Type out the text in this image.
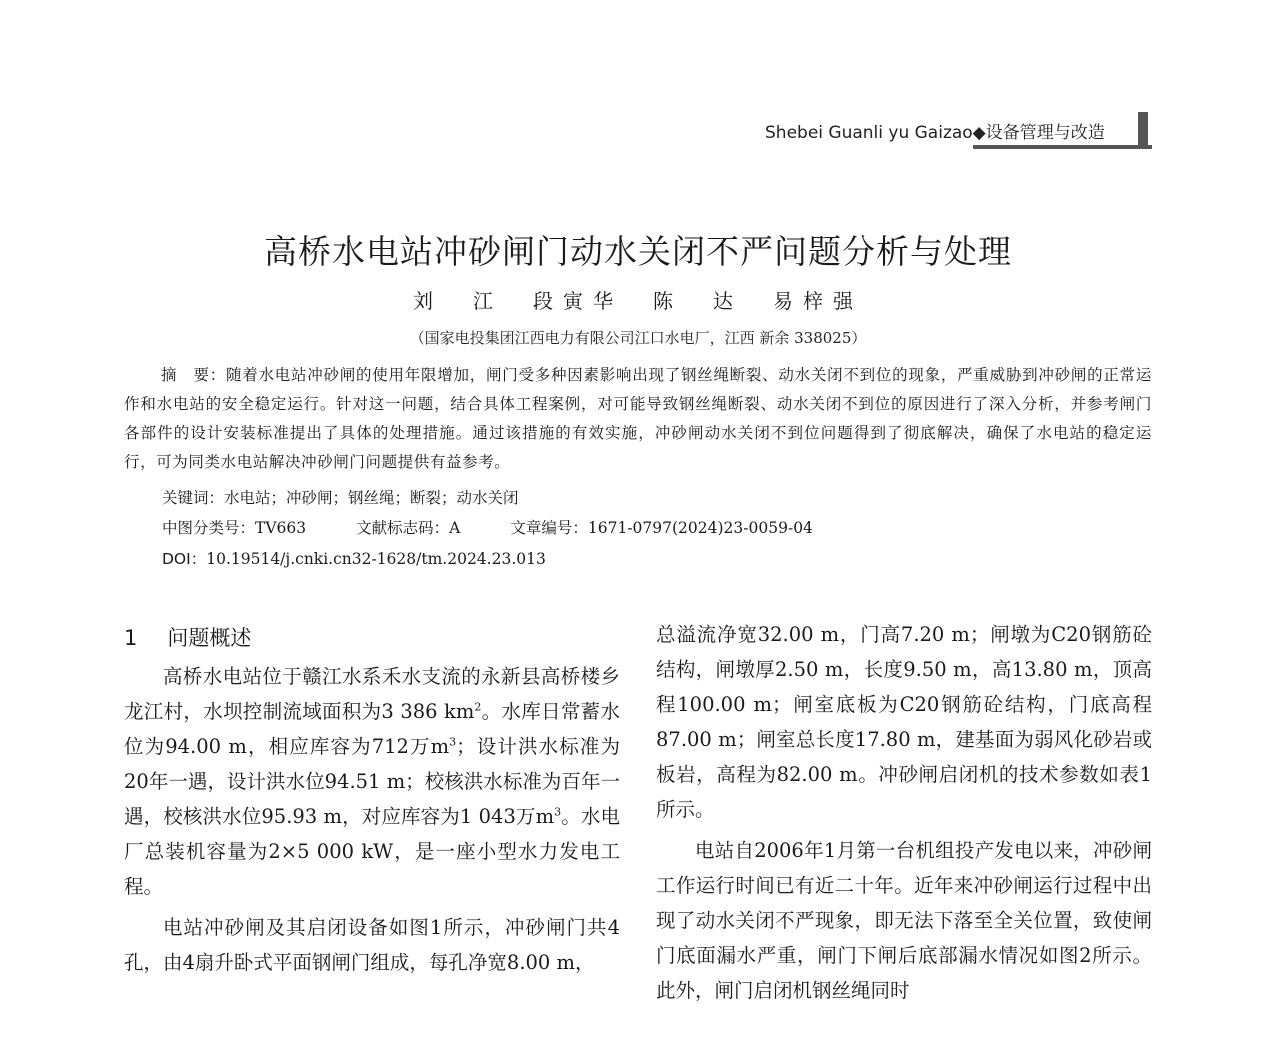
Shebei Guanli yu Gaizao◆设备管理与改造
高桥水电站冲砂闸门动水关闭不严问题分析与处理
刘　江　段寅华　陈　达　易梓强
（国家电投集团江西电力有限公司江口水电厂，江西 新余 338025）
摘　要：随着水电站冲砂闸的使用年限增加，闸门受多种因素影响出现了钢丝绳断裂、动水关闭不到位的现象，严重威胁到冲砂闸的正常运作和水电站的安全稳定运行。针对这一问题，结合具体工程案例，对可能导致钢丝绳断裂、动水关闭不到位的原因进行了深入分析，并参考闸门各部件的设计安装标准提出了具体的处理措施。通过该措施的有效实施，冲砂闸动水关闭不到位问题得到了彻底解决，确保了水电站的稳定运行，可为同类水电站解决冲砂闸门问题提供有益参考。
关键词：水电站；冲砂闸；钢丝绳；断裂；动水关闭
中图分类号：TV663	文献标志码：A	文章编号：1671-0797(2024)23-0059-04
DOI：10.19514/j.cnki.cn32-1628/tm.2024.23.013
1 问题概述

高桥水电站位于赣江水系禾水支流的永新县高桥楼乡龙江村，水坝控制流域面积为3 386 $km^2$。水库日常蓄水位为94.00 m，相应库容为712万$m^3$；设计洪水标准为20年一遇，设计洪水位94.51 m；校核洪水标准为百年一遇，校核洪水位95.93 m，对应库容为1 043万$m^3$。水电厂总装机容量为2×5 000 kW，是一座小型水力发电工程。

电站冲砂闸及其启闭设备如图1所示，冲砂闸门共4孔，由4扇升卧式平面钢闸门组成，每孔净宽8.00 m，

总溢流净宽32.00 m，门高7.20 m；闸墩为C20钢筋砼结构，闸墩厚2.50 m，长度9.50 m，高13.80 m，顶高程100.00 m；闸室底板为C20钢筋砼结构，门底高程87.00 m；闸室总长度17.80 m，建基面为弱风化砂岩或板岩，高程为82.00 m。冲砂闸启闭机的技术参数如表1所示。

电站自2006年1月第一台机组投产发电以来，冲砂闸工作运行时间已有近二十年。近年来冲砂闸运行过程中出现了动水关闭不严现象，即无法下落至全关位置，致使闸门底面漏水严重，闸门下闸后底部漏水情况如图2所示。此外，闸门启闭机钢丝绳同时
